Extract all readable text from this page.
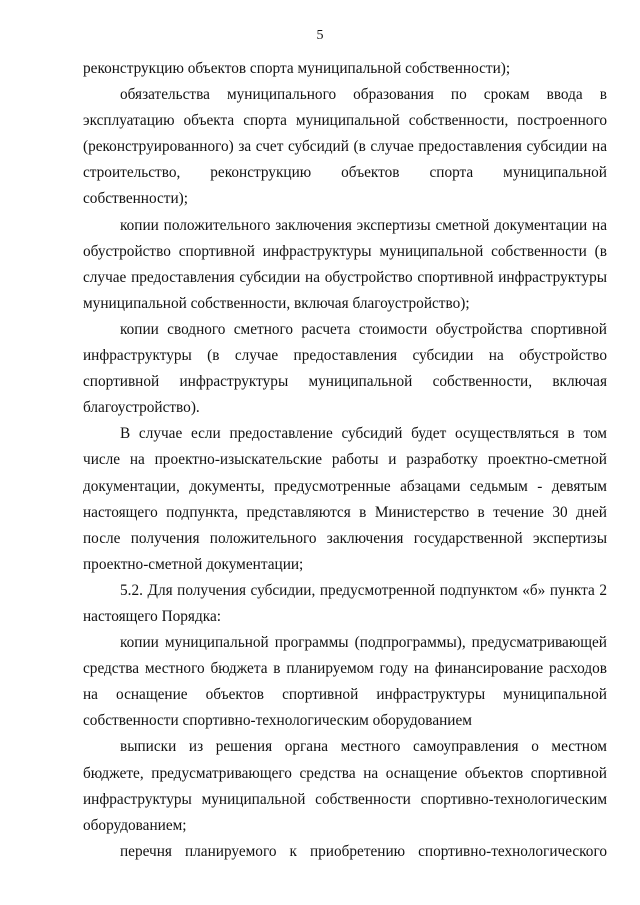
5

реконструкцию объектов спорта муниципальной собственности);

обязательства муниципального образования по срокам ввода в эксплуатацию объекта спорта муниципальной собственности, построенного (реконструированного) за счет субсидий (в случае предоставления субсидии на строительство, реконструкцию объектов спорта муниципальной собственности);

копии положительного заключения экспертизы сметной документации на обустройство спортивной инфраструктуры муниципальной собственности (в случае предоставления субсидии на обустройство спортивной инфраструктуры муниципальной собственности, включая благоустройство);

копии сводного сметного расчета стоимости обустройства спортивной инфраструктуры (в случае предоставления субсидии на обустройство спортивной инфраструктуры муниципальной собственности, включая благоустройство).

В случае если предоставление субсидий будет осуществляться в том числе на проектно-изыскательские работы и разработку проектно-сметной документации, документы, предусмотренные абзацами седьмым - девятым настоящего подпункта, представляются в Министерство в течение 30 дней после получения положительного заключения государственной экспертизы проектно-сметной документации;

5.2. Для получения субсидии, предусмотренной подпунктом «б» пункта 2 настоящего Порядка:

копии муниципальной программы (подпрограммы), предусматривающей средства местного бюджета в планируемом году на финансирование расходов на оснащение объектов спортивной инфраструктуры муниципальной собственности спортивно-технологическим оборудованием

выписки из решения органа местного самоуправления о местном бюджете, предусматривающего средства на оснащение объектов спортивной инфраструктуры муниципальной собственности спортивно-технологическим оборудованием;

перечня планируемого к приобретению спортивно-технологического
